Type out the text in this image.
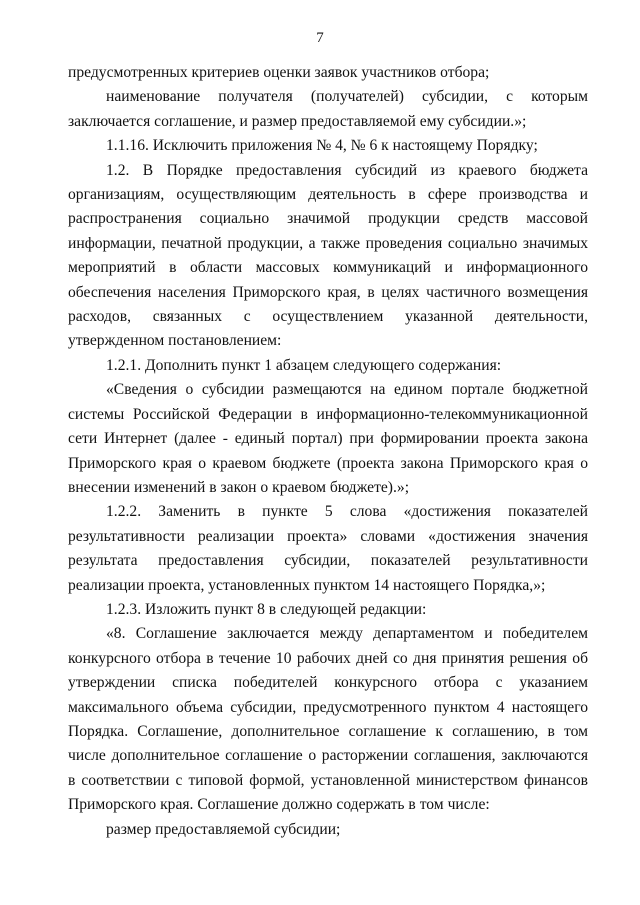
7

предусмотренных критериев оценки заявок участников отбора;

наименование получателя (получателей) субсидии, с которым заключается соглашение, и размер предоставляемой ему субсидии.»;

1.1.16. Исключить приложения № 4, № 6 к настоящему Порядку;

1.2. В Порядке предоставления субсидий из краевого бюджета организациям, осуществляющим деятельность в сфере производства и распространения социально значимой продукции средств массовой информации, печатной продукции, а также проведения социально значимых мероприятий в области массовых коммуникаций и информационного обеспечения населения Приморского края, в целях частичного возмещения расходов, связанных с осуществлением указанной деятельности, утвержденном постановлением:

1.2.1. Дополнить пункт 1 абзацем следующего содержания:

«Сведения о субсидии размещаются на едином портале бюджетной системы Российской Федерации в информационно-телекоммуникационной сети Интернет (далее - единый портал) при формировании проекта закона Приморского края о краевом бюджете (проекта закона Приморского края о внесении изменений в закон о краевом бюджете).»;

1.2.2. Заменить в пункте 5 слова «достижения показателей результативности реализации проекта» словами «достижения значения результата предоставления субсидии, показателей результативности реализации проекта, установленных пунктом 14 настоящего Порядка,»;

1.2.3. Изложить пункт 8 в следующей редакции:

«8. Соглашение заключается между департаментом и победителем конкурсного отбора в течение 10 рабочих дней со дня принятия решения об утверждении списка победителей конкурсного отбора с указанием максимального объема субсидии, предусмотренного пунктом 4 настоящего Порядка. Соглашение, дополнительное соглашение к соглашению, в том числе дополнительное соглашение о расторжении соглашения, заключаются в соответствии с типовой формой, установленной министерством финансов Приморского края. Соглашение должно содержать в том числе:

размер предоставляемой субсидии;
